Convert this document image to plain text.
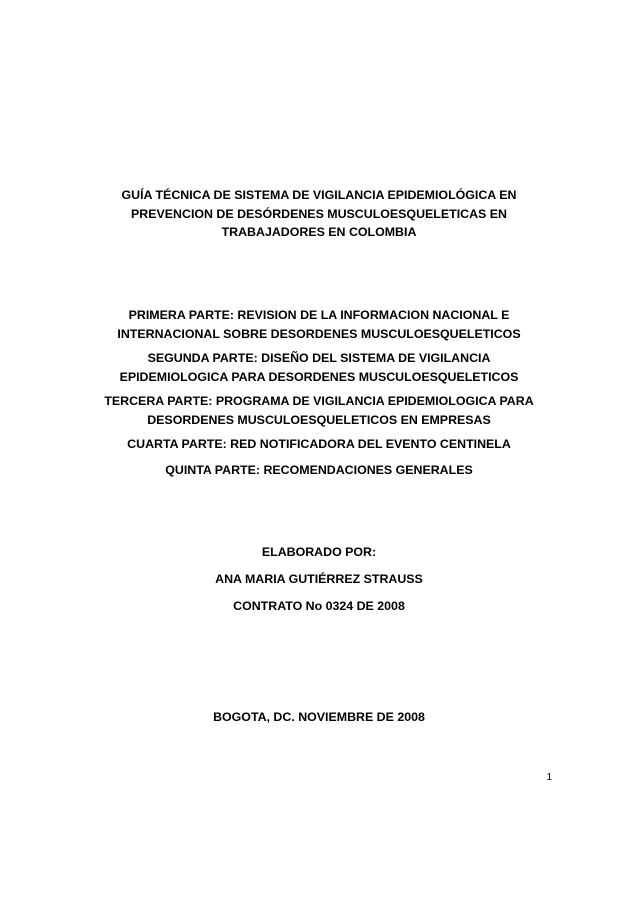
GUÍA TÉCNICA DE SISTEMA DE VIGILANCIA EPIDEMIOLÓGICA EN
PREVENCION DE DESÓRDENES MUSCULOESQUELETICAS EN
TRABAJADORES EN COLOMBIA
PRIMERA PARTE: REVISION DE LA INFORMACION NACIONAL E
INTERNACIONAL SOBRE DESORDENES MUSCULOESQUELETICOS
SEGUNDA PARTE: DISEÑO DEL SISTEMA DE VIGILANCIA
EPIDEMIOLOGICA PARA DESORDENES MUSCULOESQUELETICOS
TERCERA PARTE: PROGRAMA DE VIGILANCIA EPIDEMIOLOGICA PARA
DESORDENES MUSCULOESQUELETICOS EN EMPRESAS
CUARTA PARTE: RED NOTIFICADORA DEL EVENTO CENTINELA
QUINTA PARTE: RECOMENDACIONES GENERALES
ELABORADO POR:
ANA MARIA GUTIÉRREZ STRAUSS
CONTRATO No 0324 DE 2008
BOGOTA, DC. NOVIEMBRE DE 2008
1
